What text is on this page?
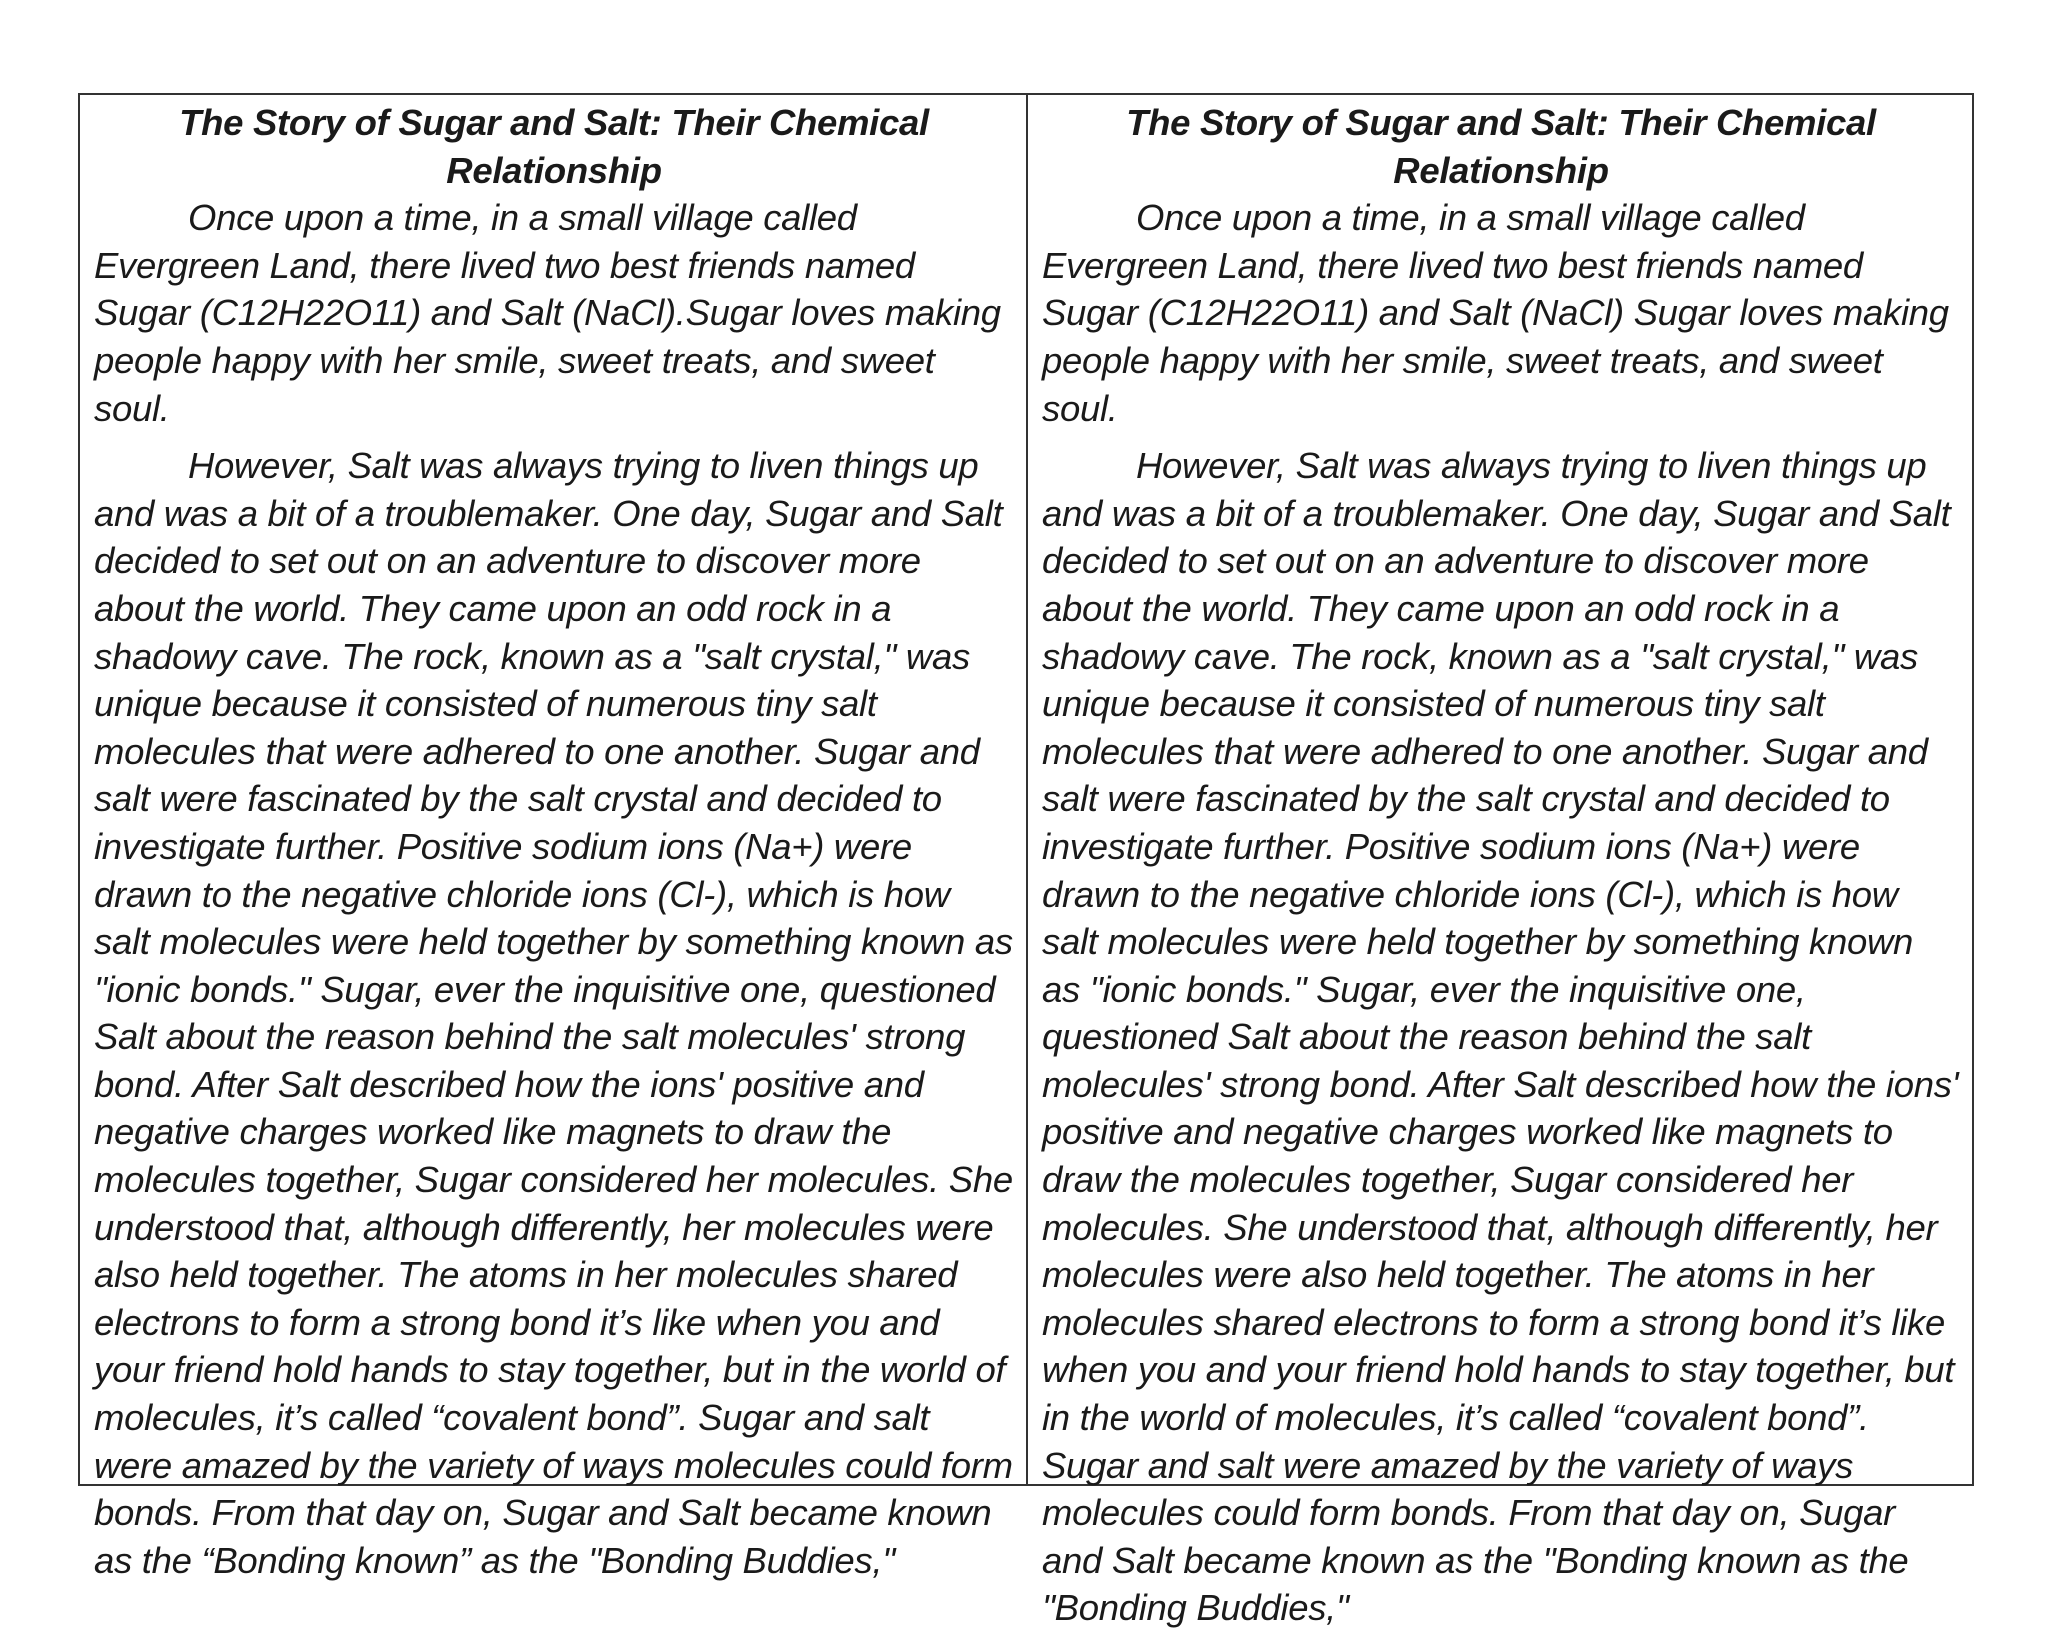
The Story of Sugar and Salt: Their Chemical Relationship

Once upon a time, in a small village called Evergreen Land, there lived two best friends named Sugar (C12H22O11) and Salt (NaCl).Sugar loves making people happy with her smile, sweet treats, and sweet soul.

However, Salt was always trying to liven things up and was a bit of a troublemaker. One day, Sugar and Salt decided to set out on an adventure to discover more about the world. They came upon an odd rock in a shadowy cave. The rock, known as a "salt crystal," was unique because it consisted of numerous tiny salt molecules that were adhered to one another. Sugar and salt were fascinated by the salt crystal and decided to investigate further. Positive sodium ions (Na+) were drawn to the negative chloride ions (Cl-), which is how salt molecules were held together by something known as "ionic bonds." Sugar, ever the inquisitive one, questioned Salt about the reason behind the salt molecules' strong bond. After Salt described how the ions' positive and negative charges worked like magnets to draw the molecules together, Sugar considered her molecules. She understood that, although differently, her molecules were also held together. The atoms in her molecules shared electrons to form a strong bond it’s like when you and your friend hold hands to stay together, but in the world of molecules, it’s called “covalent bond”. Sugar and salt were amazed by the variety of ways molecules could form bonds. From that day on, Sugar and Salt became known as the “Bonding known” as the "Bonding Buddies,"

The Story of Sugar and Salt: Their Chemical Relationship

Once upon a time, in a small village called Evergreen Land, there lived two best friends named Sugar (C12H22O11) and Salt (NaCl) Sugar loves making people happy with her smile, sweet treats, and sweet soul.

However, Salt was always trying to liven things up and was a bit of a troublemaker. One day, Sugar and Salt decided to set out on an adventure to discover more about the world. They came upon an odd rock in a shadowy cave. The rock, known as a "salt crystal," was unique because it consisted of numerous tiny salt molecules that were adhered to one another. Sugar and salt were fascinated by the salt crystal and decided to investigate further. Positive sodium ions (Na+) were drawn to the negative chloride ions (Cl-), which is how salt molecules were held together by something known as "ionic bonds." Sugar, ever the inquisitive one, questioned Salt about the reason behind the salt molecules' strong bond. After Salt described how the ions' positive and negative charges worked like magnets to draw the molecules together, Sugar considered her molecules. She understood that, although differently, her molecules were also held together. The atoms in her molecules shared electrons to form a strong bond it’s like when you and your friend hold hands to stay together, but in the world of molecules, it’s called “covalent bond”. Sugar and salt were amazed by the variety of ways molecules could form bonds. From that day on, Sugar and Salt became known as the "Bonding known as the "Bonding Buddies,"
